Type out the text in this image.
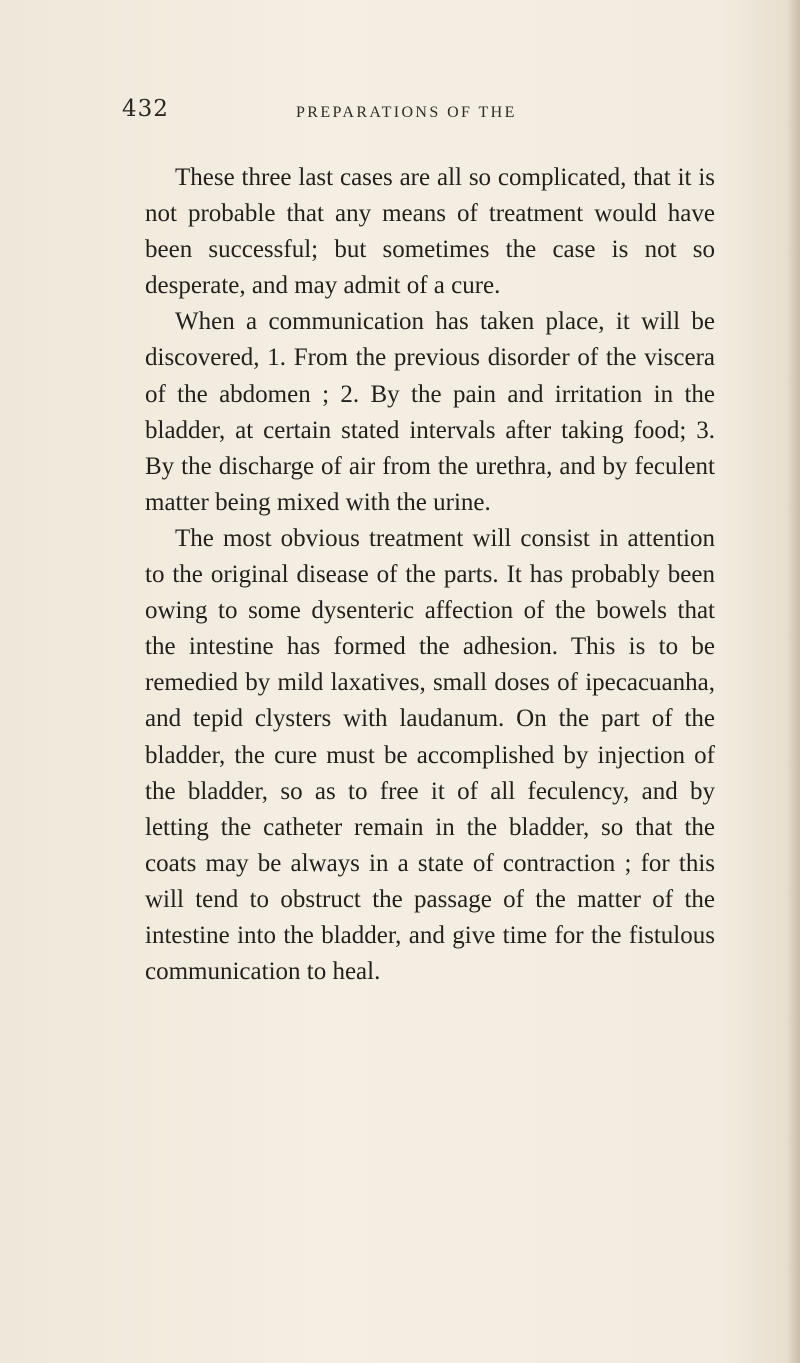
432	PREPARATIONS OF THE

These three last cases are all so complicated, that it is not probable that any means of treatment would have been successful; but sometimes the case is not so desperate, and may admit of a cure.

When a communication has taken place, it will be discovered, 1. From the previous disorder of the viscera of the abdomen ; 2. By the pain and irritation in the bladder, at certain stated intervals after taking food; 3. By the discharge of air from the urethra, and by feculent matter being mixed with the urine.

The most obvious treatment will consist in attention to the original disease of the parts. It has probably been owing to some dysenteric affection of the bowels that the intestine has formed the adhesion. This is to be remedied by mild laxatives, small doses of ipecacuanha, and tepid clysters with laudanum. On the part of the bladder, the cure must be accomplished by injection of the bladder, so as to free it of all feculency, and by letting the catheter remain in the bladder, so that the coats may be always in a state of contraction ; for this will tend to obstruct the passage of the matter of the intestine into the bladder, and give time for the fistulous communication to heal.
